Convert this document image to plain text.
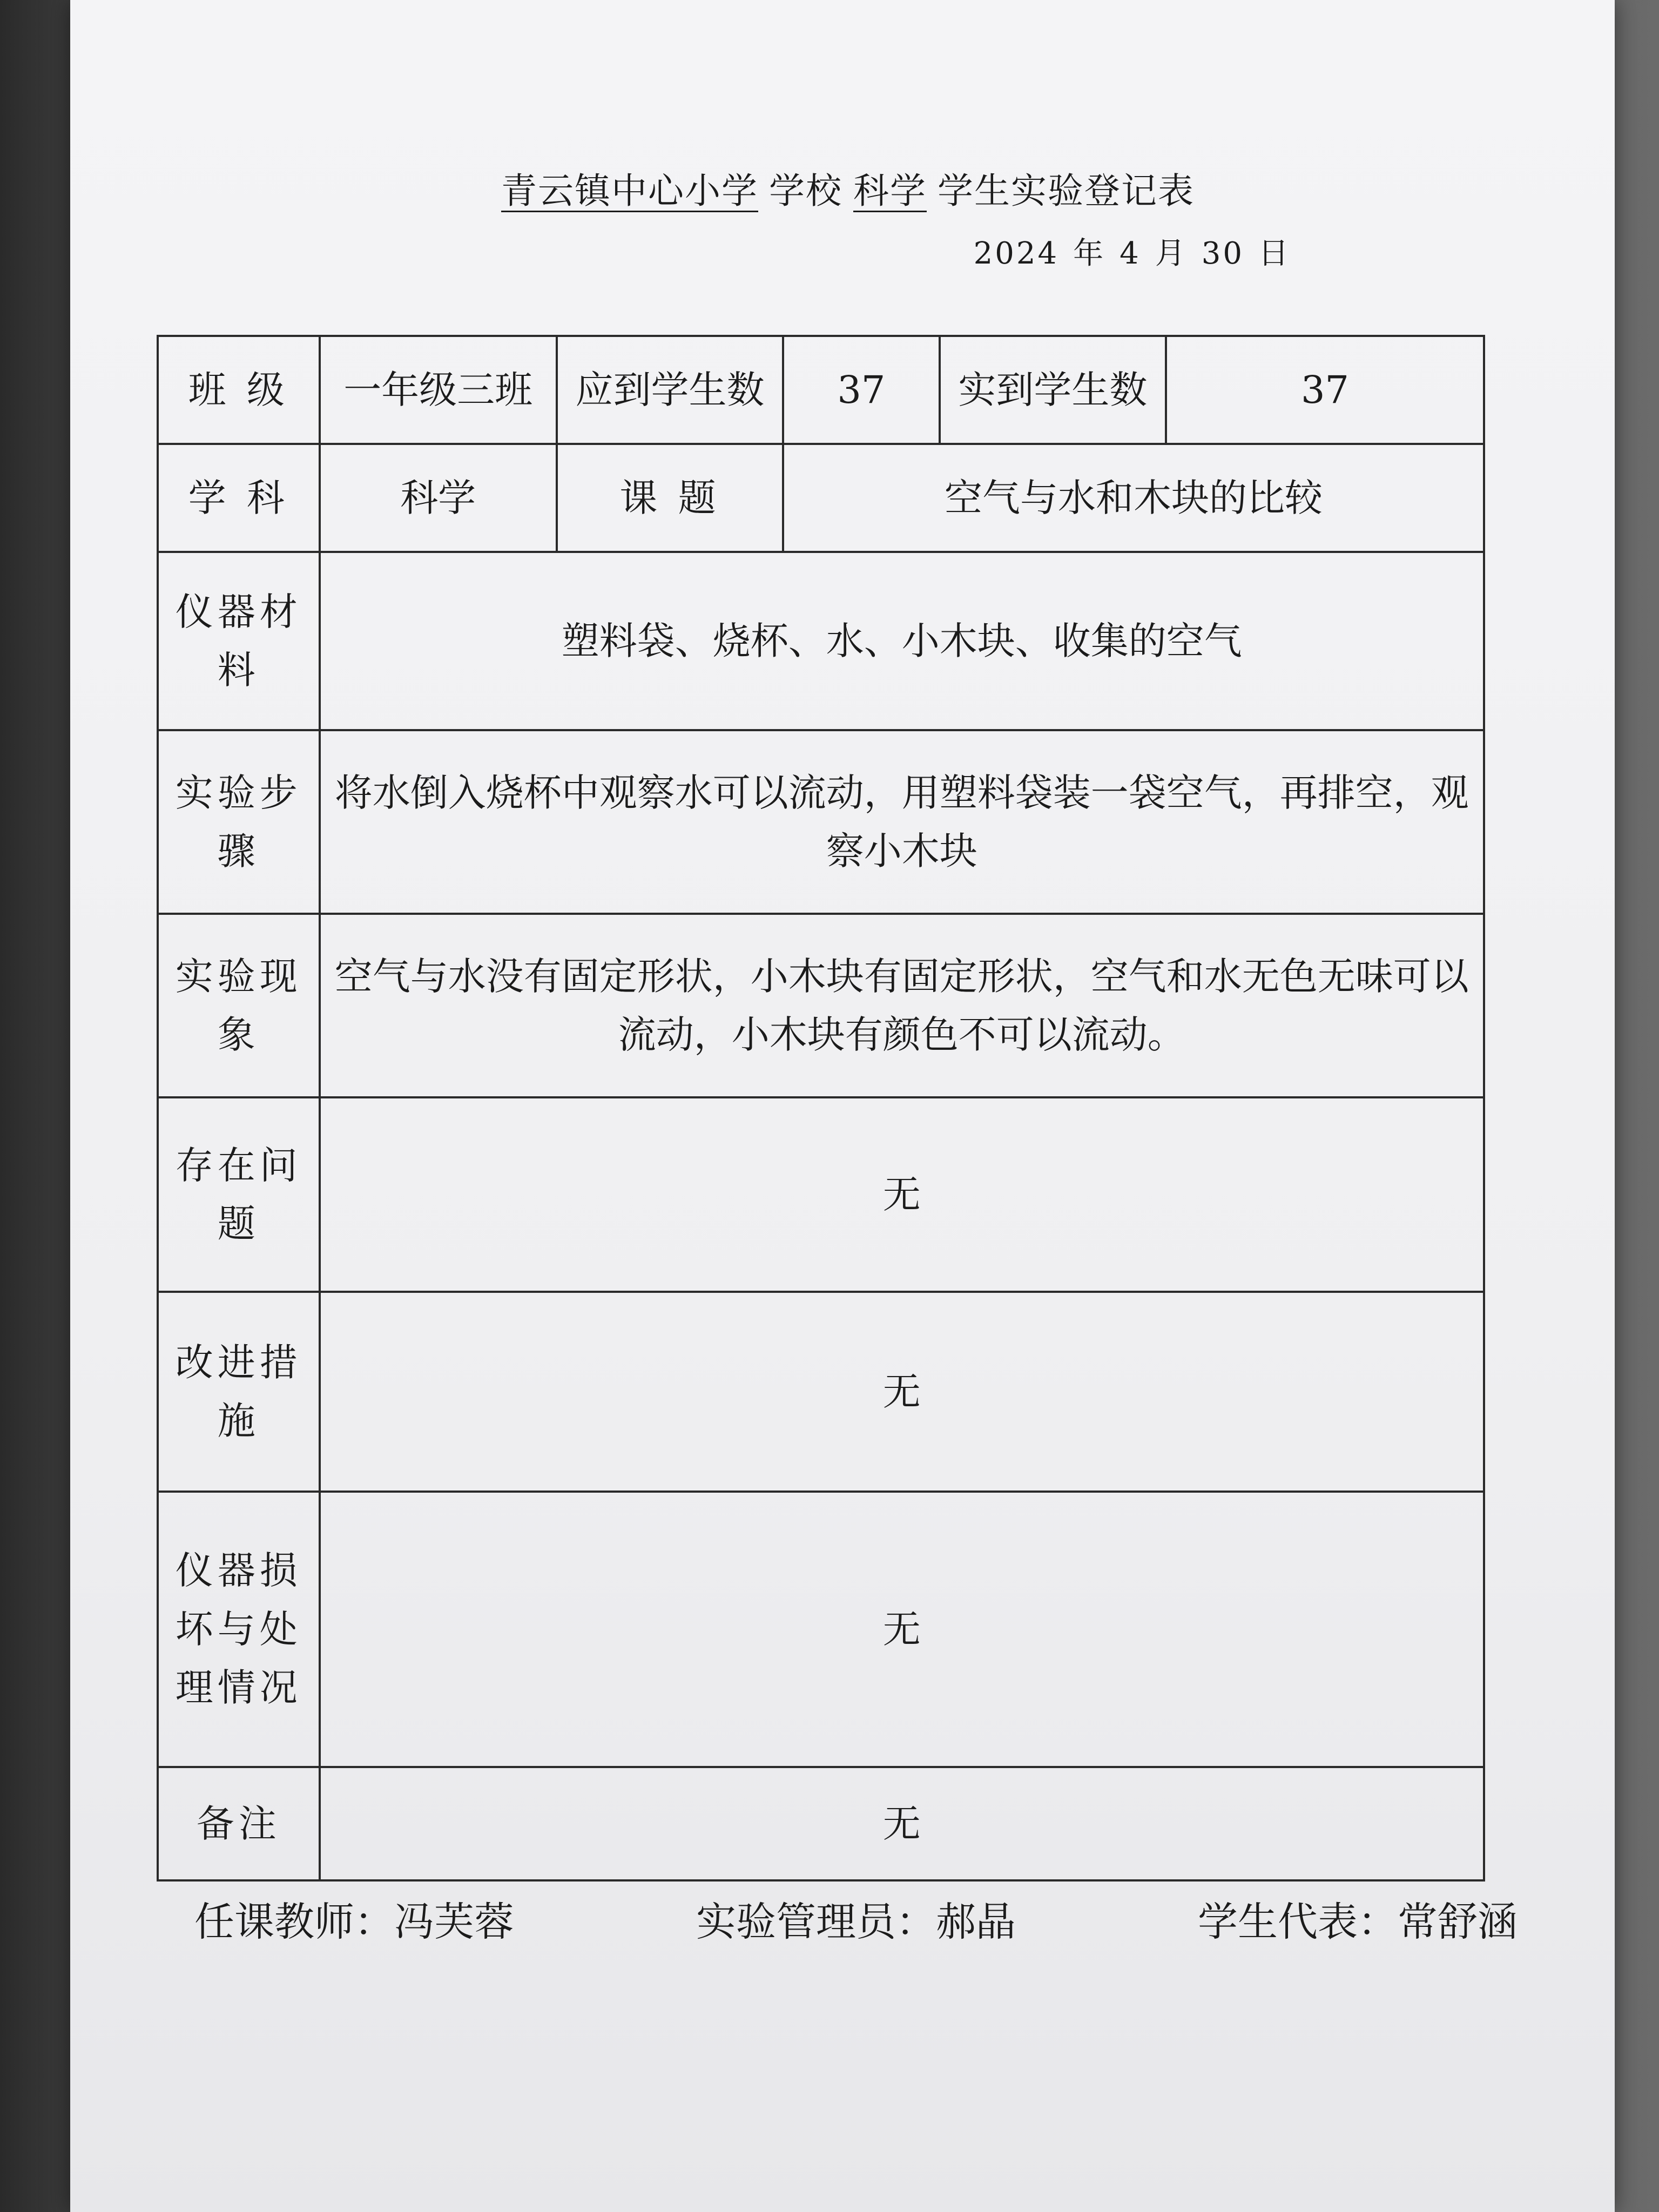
青云镇中心小学 学校 科学 学生实验登记表
2024 年 4 月 30 日
班 级	一年级三班	应到学生数	37	实到学生数	37
学 科	科学	课 题	空气与水和木块的比较		
仪器材料	塑料袋、烧杯、水、小木块、收集的空气				
实验步骤	将水倒入烧杯中观察水可以流动，用塑料袋装一袋空气，再排空，观察小木块				
实验现象	空气与水没有固定形状，小木块有固定形状，空气和水无色无味可以流动，小木块有颜色不可以流动。				
存在问题	无				
改进措施	无				
仪器损坏与处理情况	无				
备注	无				
任课教师：冯芙蓉	实验管理员：郝晶	学生代表：常舒涵
